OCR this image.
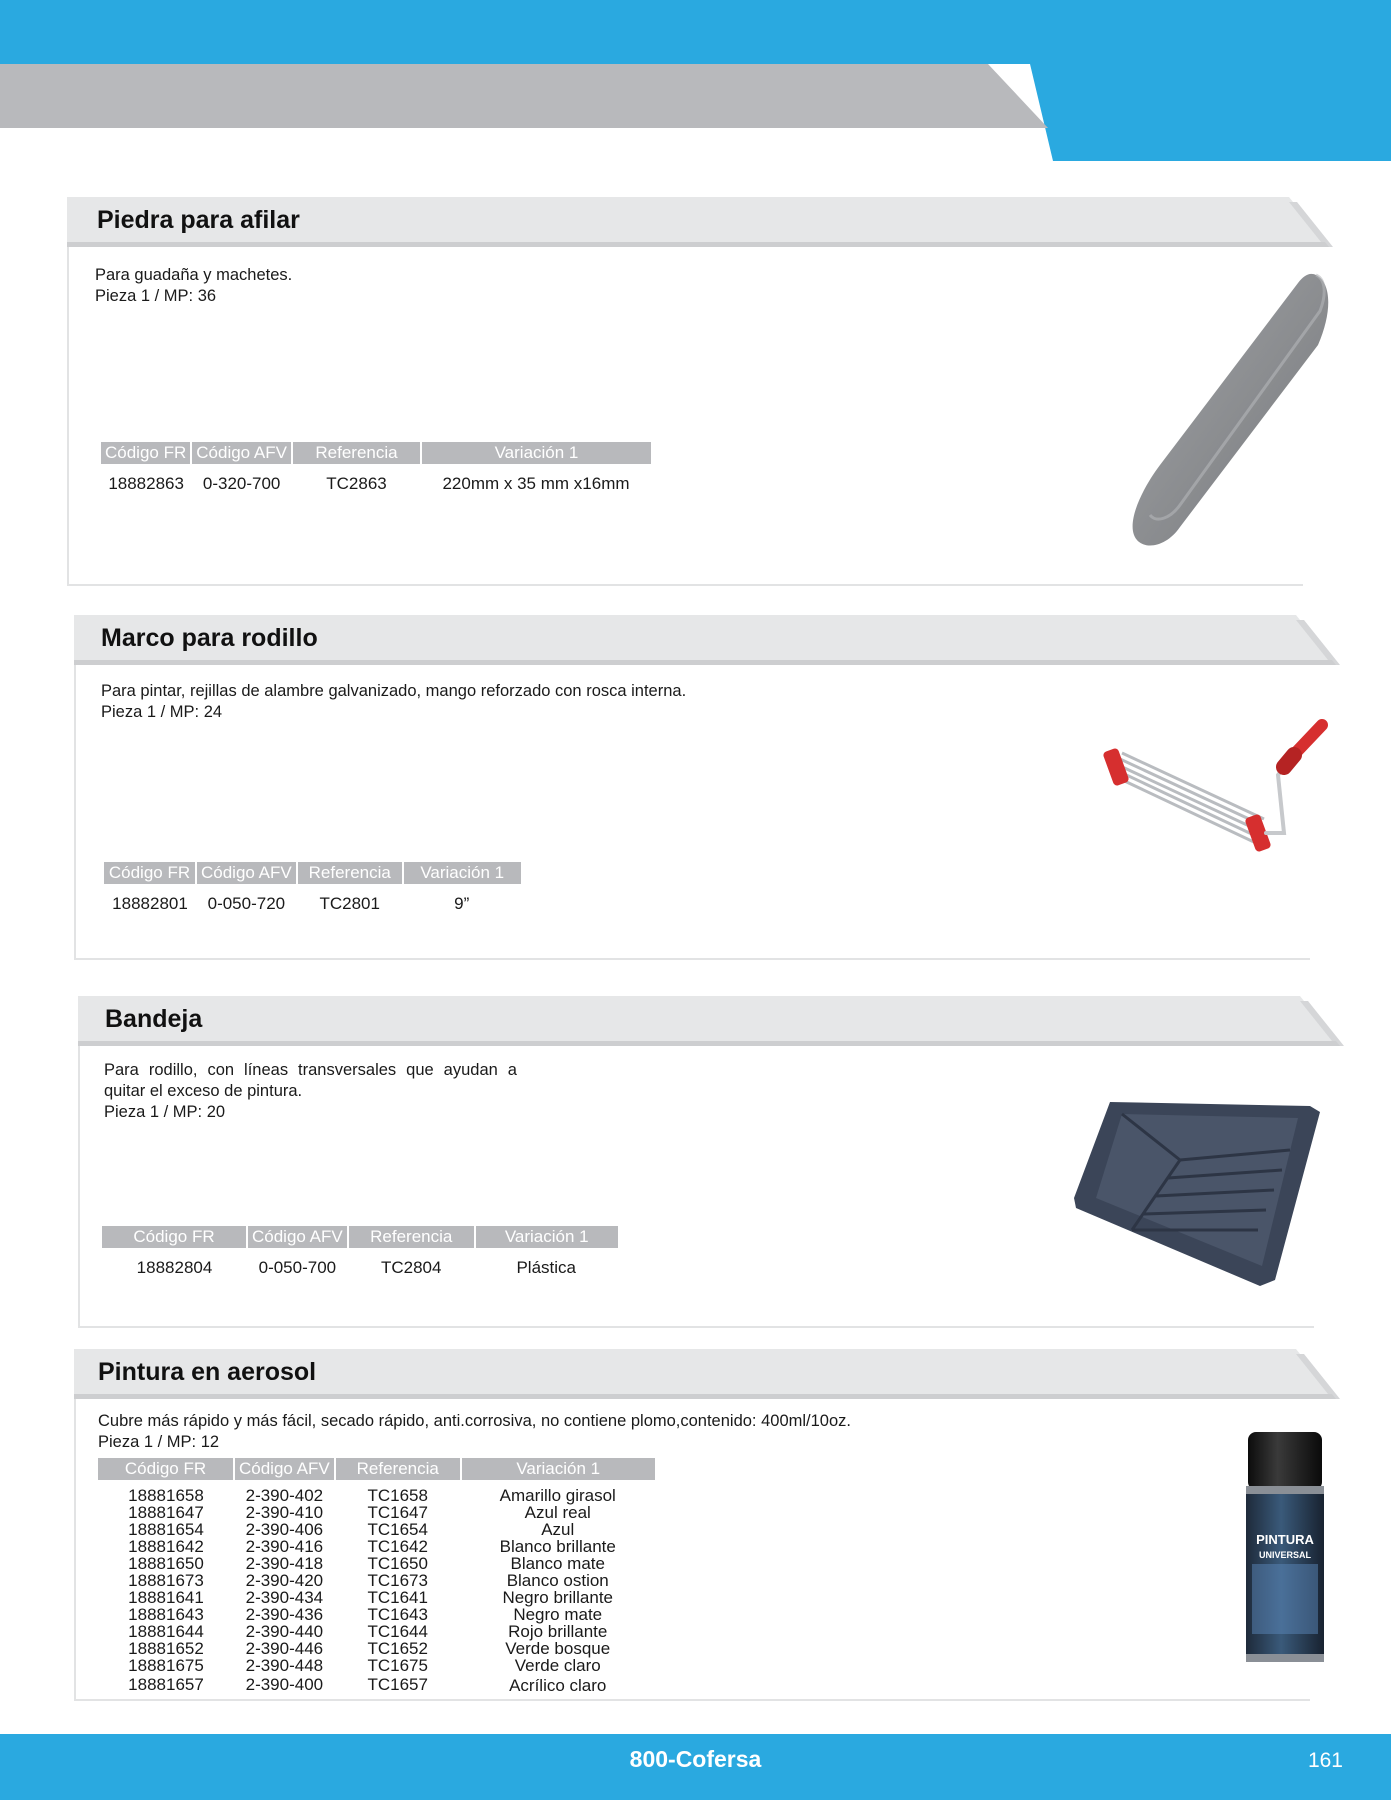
Piedra para afilar
Para guadaña y machetes.
Pieza 1 / MP: 36
Código FR	Código AFV	Referencia	Variación 1
18882863	0-320-700	TC2863	220mm x 35 mm x16mm
Marco para rodillo
Para pintar, rejillas de alambre galvanizado, mango reforzado con rosca interna.
Pieza 1 / MP: 24
Código FR	Código AFV	Referencia	Variación 1
18882801	0-050-720	TC2801	9”
Bandeja
Para rodillo, con líneas transversales que ayudan a quitar el exceso de pintura.
Pieza 1 / MP: 20
Código FR	Código AFV	Referencia	Variación 1
18882804	0-050-700	TC2804	Plástica
Pintura en aerosol
Cubre más rápido y más fácil, secado rápido, anti.corrosiva, no contiene plomo,contenido: 400ml/10oz.
Pieza 1 / MP: 12
Código FR	Código AFV	Referencia	Variación 1

18881658	2-390-402	TC1658	Amarillo girasol
18881647	2-390-410	TC1647	Azul real
18881654	2-390-406	TC1654	Azul
18881642	2-390-416	TC1642	Blanco brillante
18881650	2-390-418	TC1650	Blanco mate
18881673	2-390-420	TC1673	Blanco ostion
18881641	2-390-434	TC1641	Negro brillante
18881643	2-390-436	TC1643	Negro mate
18881644	2-390-440	TC1644	Rojo brillante
18881652	2-390-446	TC1652	Verde bosque
18881675	2-390-448	TC1675	Verde claro
18881657	2-390-400	TC1657	Acrílico claro
PINTURA
UNIVERSAL
800-Cofersa	161
